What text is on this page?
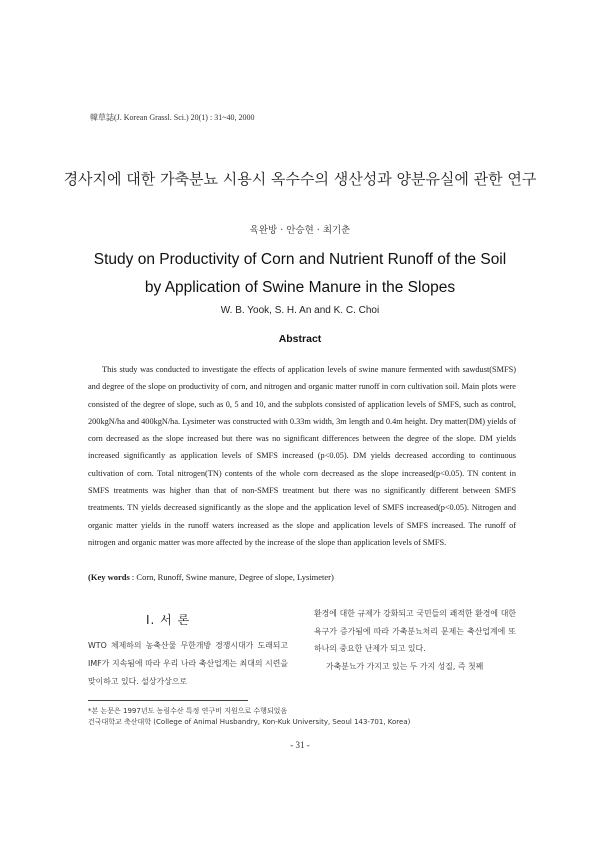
韓草誌(J. Korean Grassl. Sci.) 20(1) : 31~40, 2000
경사지에 대한 가축분뇨 시용시 옥수수의 생산성과 양분유실에 관한 연구
육완방 · 안승현 · 최기춘
Study on Productivity of Corn and Nutrient Runoff of the Soil
by Application of Swine Manure in the Slopes
W. B. Yook, S. H. An and K. C. Choi
Abstract

This study was conducted to investigate the effects of application levels of swine manure fermented with sawdust(SMFS) and degree of the slope on productivity of corn, and nitrogen and organic matter runoff in corn cultivation soil. Main plots were consisted of the degree of slope, such as 0, 5 and 10, and the subplots consisted of application levels of SMFS, such as control, 200kgN/ha and 400kgN/ha. Lysimeter was constructed with 0.33m width, 3m length and 0.4m height. Dry matter(DM) yields of corn decreased as the slope increased but there was no significant differences between the degree of the slope. DM yields increased significantly as application levels of SMFS increased (p<0.05). DM yields decreased according to continuous cultivation of corn. Total nitrogen(TN) contents of the whole corn decreased as the slope increased(p<0.05). TN content in SMFS treatments was higher than that of non-SMFS treatment but there was no significantly different between SMFS treatments. TN yields decreased significantly as the slope and the application level of SMFS increased(p<0.05). Nitrogen and organic matter yields in the runoff waters increased as the slope and application levels of SMFS increased. The runoff of nitrogen and organic matter was more affected by the increase of the slope than application levels of SMFS.

(Key words : Corn, Runoff, Swine manure, Degree of slope, Lysimeter)
Ⅰ. 서 론

WTO 체제하의 농축산물 무한개방 경쟁시대가 도래되고 IMF가 지속됨에 따라 우리 나라 축산업계는 최대의 시련을 맞이하고 있다. 설상가상으로

환경에 대한 규제가 강화되고 국민들의 쾌적한 환경에 대한 욕구가 증가됨에 따라 가축분뇨처리 문제는 축산업계에 또 하나의 중요한 난제가 되고 있다.

가축분뇨가 가지고 있는 두 가지 성질, 즉 첫째

*본 논문은 1997년도 농림수산 특정 연구비 지원으로 수행되었음
건국대학교 축산대학 (College of Animal Husbandry, Kon-Kuk University, Seoul 143-701, Korea)
- 31 -
